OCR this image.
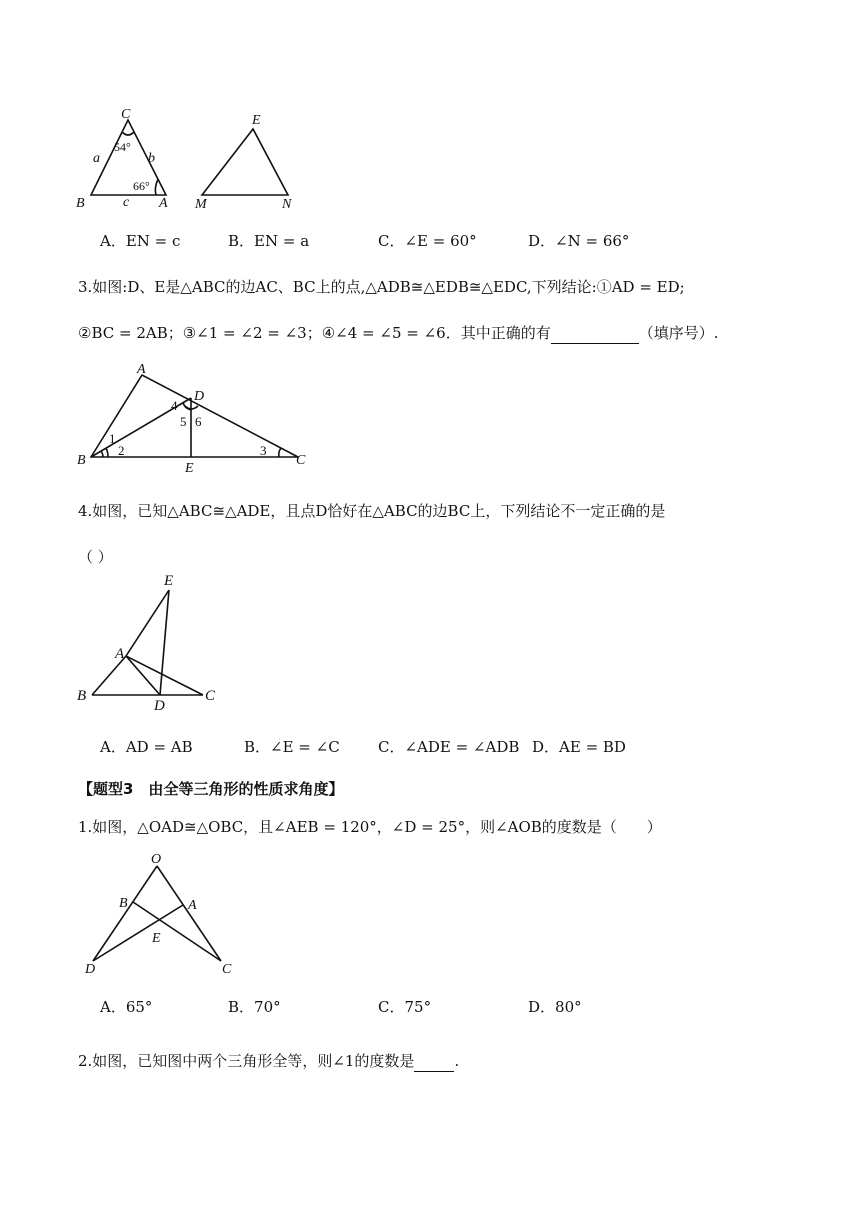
C
a	b
54°
66°
B	c A
E
M	N
A．EN = c	B．EN = a	C．∠E = 60°	D．∠N = 66°
3.如图:D、E是△ABC的边AC、BC上的点,△ADB≅△EDB≅△EDC,下列结论:①AD = ED;
②BC = 2AB；③∠1 = ∠2 = ∠3；④∠4 = ∠5 = ∠6．其中正确的有	（填序号）.
A
D
4
5 6
1
2	3
B
E
C
4.如图，已知△ABC≅△ADE，且点D恰好在△ABC的边BC上，下列结论不一定正确的是
（ ）
E
A
B
D
C
A．AD = AB	B．∠E = ∠C	C．∠ADE = ∠ADB D．AE = BD
【题型3　由全等三角形的性质求角度】
1.如图，△OAD≅△OBC，且∠AEB = 120°，∠D = 25°，则∠AOB的度数是（　　）
O
B	A
E
D	C
A．65°	B．70°	C．75°	D．80°
2.如图，已知图中两个三角形全等，则∠1的度数是	.
